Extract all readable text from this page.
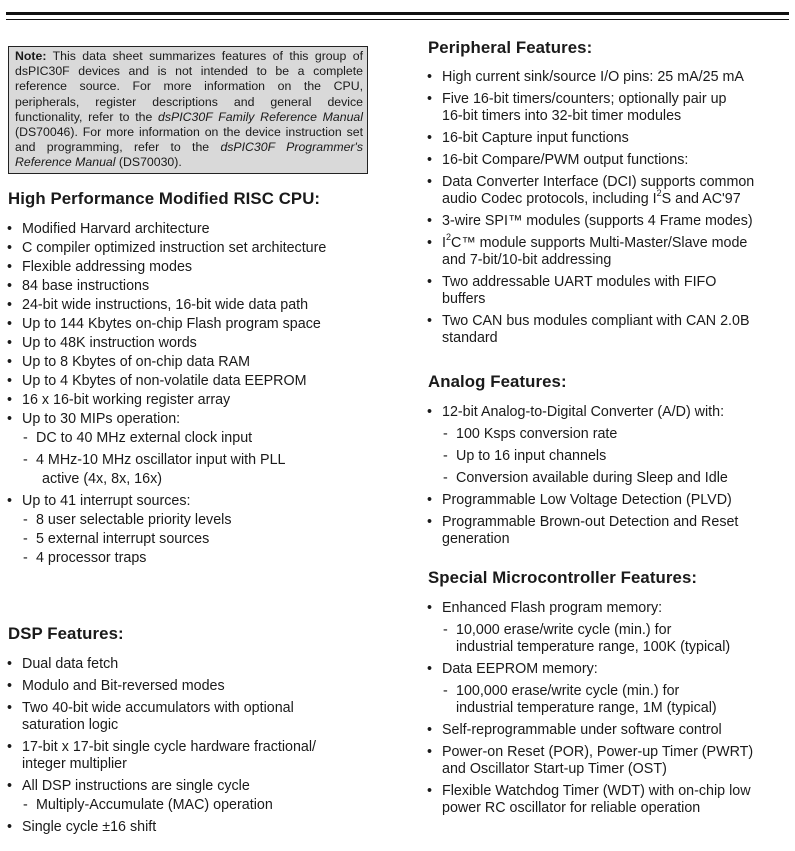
Note: This data sheet summarizes features of this group of dsPIC30F devices and is not intended to be a complete reference source. For more information on the CPU, peripherals, register descriptions and general device functionality, refer to the dsPIC30F Family Reference Manual (DS70046). For more information on the device instruction set and programming, refer to the dsPIC30F Programmer's Reference Manual (DS70030).
High Performance Modified RISC CPU:
• Modified Harvard architecture
• C compiler optimized instruction set architecture
• Flexible addressing modes
• 84 base instructions
• 24-bit wide instructions, 16-bit wide data path
• Up to 144 Kbytes on-chip Flash program space
• Up to 48K instruction words
• Up to 8 Kbytes of on-chip data RAM
• Up to 4 Kbytes of non-volatile data EEPROM
• 16 x 16-bit working register array
• Up to 30 MIPs operation:
- DC to 40 MHz external clock input
- 4 MHz-10 MHz oscillator input with PLL
active (4x, 8x, 16x)
• Up to 41 interrupt sources:
- 8 user selectable priority levels
- 5 external interrupt sources
- 4 processor traps
DSP Features:
• Dual data fetch
• Modulo and Bit-reversed modes
• Two 40-bit wide accumulators with optional
saturation logic
• 17-bit x 17-bit single cycle hardware fractional/
integer multiplier
• All DSP instructions are single cycle
- Multiply-Accumulate (MAC) operation
• Single cycle ±16 shift
Peripheral Features:
• High current sink/source I/O pins: 25 mA/25 mA
• Five 16-bit timers/counters; optionally pair up
16-bit timers into 32-bit timer modules
• 16-bit Capture input functions
• 16-bit Compare/PWM output functions:
• Data Converter Interface (DCI) supports common
audio Codec protocols, including $I^2S$ and AC'97
• 3-wire SPI™ modules (supports 4 Frame modes)
• $I^2C™$ module supports Multi-Master/Slave mode
and 7-bit/10-bit addressing
• Two addressable UART modules with FIFO
buffers
• Two CAN bus modules compliant with CAN 2.0B
standard
Analog Features:
• 12-bit Analog-to-Digital Converter (A/D) with:
- 100 Ksps conversion rate
- Up to 16 input channels
- Conversion available during Sleep and Idle
• Programmable Low Voltage Detection (PLVD)
• Programmable Brown-out Detection and Reset
generation
Special Microcontroller Features:
• Enhanced Flash program memory:
- 10,000 erase/write cycle (min.) for
industrial temperature range, 100K (typical)
• Data EEPROM memory:
- 100,000 erase/write cycle (min.) for
industrial temperature range, 1M (typical)
• Self-reprogrammable under software control
• Power-on Reset (POR), Power-up Timer (PWRT)
and Oscillator Start-up Timer (OST)
• Flexible Watchdog Timer (WDT) with on-chip low
power RC oscillator for reliable operation
